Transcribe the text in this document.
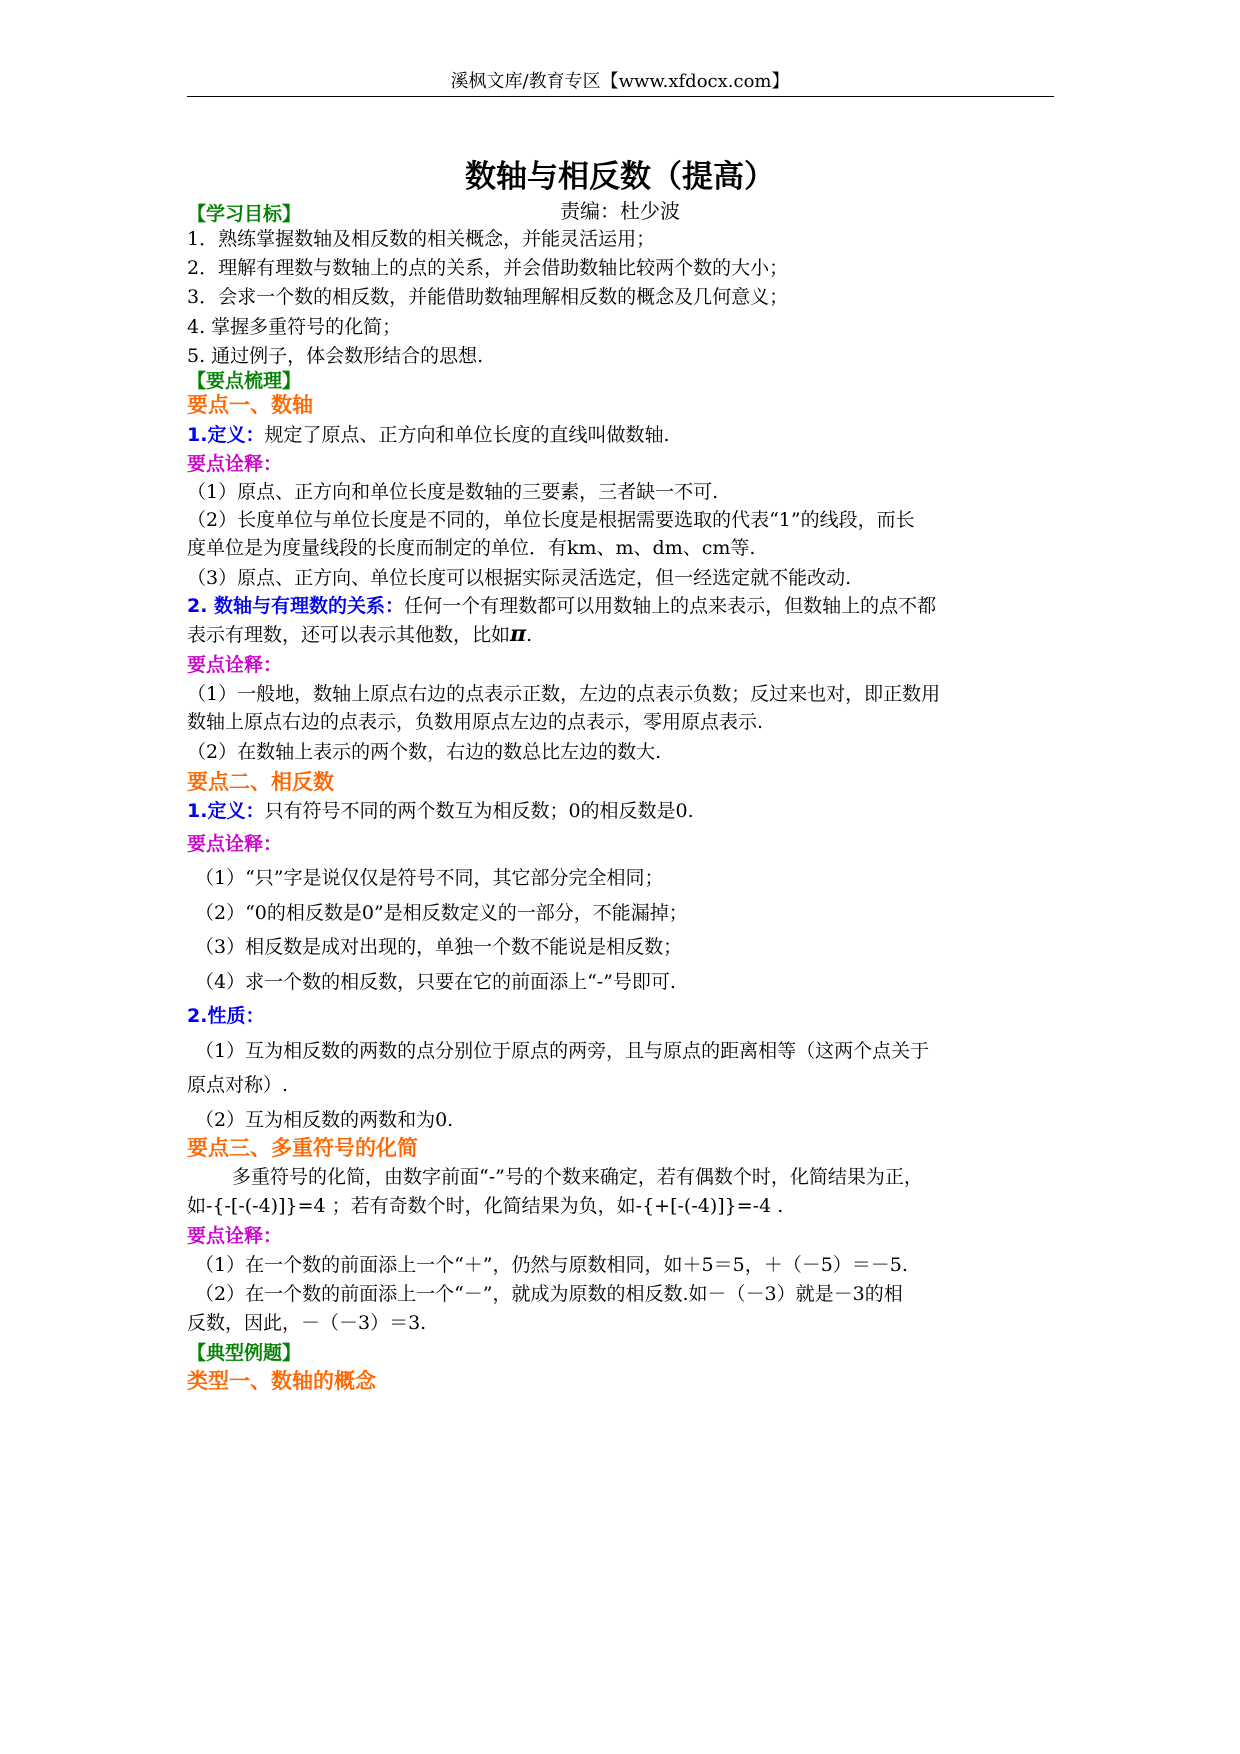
溪枫文库/教育专区【www.xfdocx.com】
数轴与相反数（提高）
责编：杜少波
【学习目标】
1．熟练掌握数轴及相反数的相关概念，并能灵活运用；
2．理解有理数与数轴上的点的关系，并会借助数轴比较两个数的大小；
3．会求一个数的相反数，并能借助数轴理解相反数的概念及几何意义；
4. 掌握多重符号的化简；
5. 通过例子，体会数形结合的思想.
【要点梳理】
要点一、数轴
1.定义：规定了原点、正方向和单位长度的直线叫做数轴.
要点诠释：
（1）原点、正方向和单位长度是数轴的三要素，三者缺一不可.
（2）长度单位与单位长度是不同的，单位长度是根据需要选取的代表“1”的线段，而长
度单位是为度量线段的长度而制定的单位．有km、m、dm、cm等.
（3）原点、正方向、单位长度可以根据实际灵活选定，但一经选定就不能改动.
2. 数轴与有理数的关系：任何一个有理数都可以用数轴上的点来表示，但数轴上的点不都
表示有理数，还可以表示其他数，比如π.
要点诠释：
（1）一般地，数轴上原点右边的点表示正数，左边的点表示负数；反过来也对，即正数用
数轴上原点右边的点表示，负数用原点左边的点表示，零用原点表示.
（2）在数轴上表示的两个数，右边的数总比左边的数大.
要点二、相反数
1.定义：只有符号不同的两个数互为相反数；0的相反数是0.
要点诠释：
（1）“只”字是说仅仅是符号不同，其它部分完全相同；
（2）“0的相反数是0”是相反数定义的一部分，不能漏掉；
（3）相反数是成对出现的，单独一个数不能说是相反数；
（4）求一个数的相反数，只要在它的前面添上“-”号即可.
2.性质：
（1）互为相反数的两数的点分别位于原点的两旁，且与原点的距离相等（这两个点关于
原点对称）.
（2）互为相反数的两数和为0.
要点三、多重符号的化简
多重符号的化简，由数字前面“-”号的个数来确定，若有偶数个时，化简结果为正，
如-{-[-(-4)]}=4 ；若有奇数个时，化简结果为负，如-{+[-(-4)]}=-4 .
要点诠释：
（1）在一个数的前面添上一个“＋”，仍然与原数相同，如＋5＝5，＋（－5）＝－5.
（2）在一个数的前面添上一个“－”，就成为原数的相反数.如－（－3）就是－3的相
反数，因此，－（－3）＝3.
【典型例题】
类型一、数轴的概念
